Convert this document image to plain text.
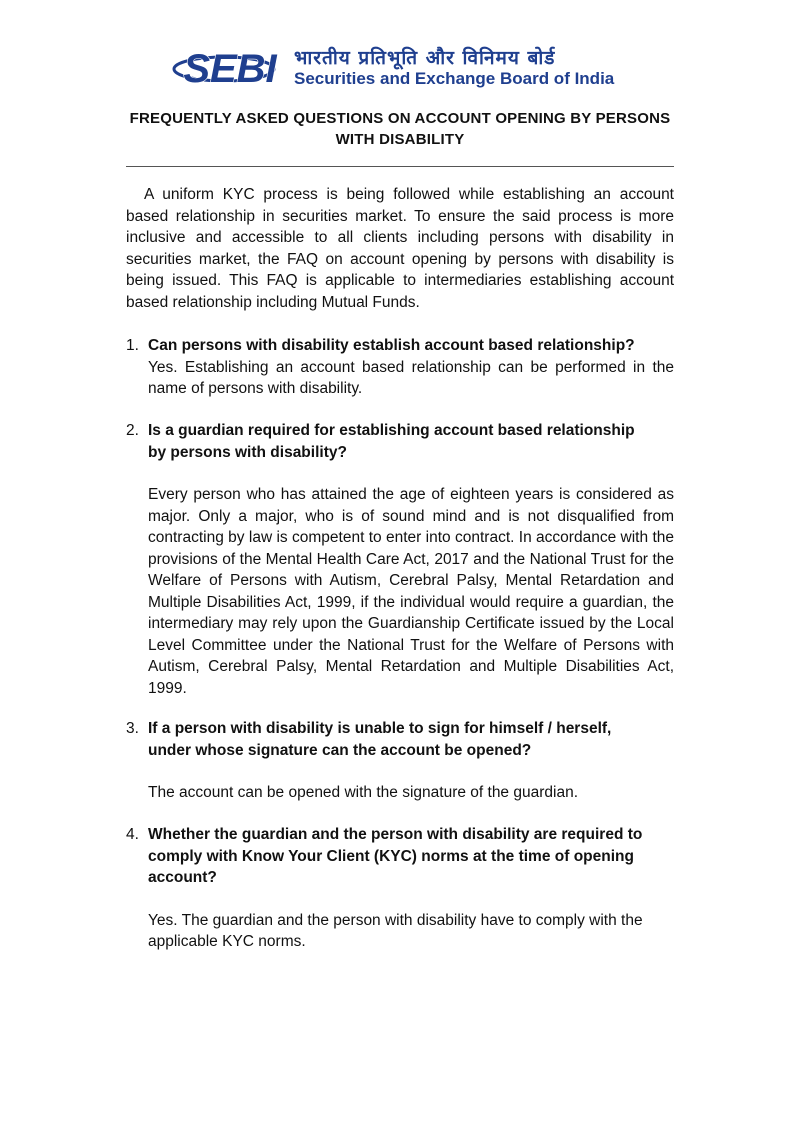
SEBI भारतीय प्रतिभूति और विनिमय बोर्ड
Securities and Exchange Board of India
FREQUENTLY ASKED QUESTIONS ON ACCOUNT OPENING BY PERSONS WITH DISABILITY

A uniform KYC process is being followed while establishing an account based relationship in securities market. To ensure the said process is more inclusive and accessible to all clients including persons with disability in securities market, the FAQ on account opening by persons with disability is being issued. This FAQ is applicable to intermediaries establishing account based relationship including Mutual Funds.

1. Can persons with disability establish account based relationship?

Yes. Establishing an account based relationship can be performed in the name of persons with disability.

2. Is a guardian required for establishing account based relationship by persons with disability?

Every person who has attained the age of eighteen years is considered as major. Only a major, who is of sound mind and is not disqualified from contracting by law is competent to enter into contract. In accordance with the provisions of the Mental Health Care Act, 2017 and the National Trust for the Welfare of Persons with Autism, Cerebral Palsy, Mental Retardation and Multiple Disabilities Act, 1999, if the individual would require a guardian, the intermediary may rely upon the Guardianship Certificate issued by the Local Level Committee under the National Trust for the Welfare of Persons with Autism, Cerebral Palsy, Mental Retardation and Multiple Disabilities Act, 1999.

3. If a person with disability is unable to sign for himself / herself, under whose signature can the account be opened?

The account can be opened with the signature of the guardian.

4. Whether the guardian and the person with disability are required to comply with Know Your Client (KYC) norms at the time of opening account?

Yes. The guardian and the person with disability have to comply with the applicable KYC norms.
